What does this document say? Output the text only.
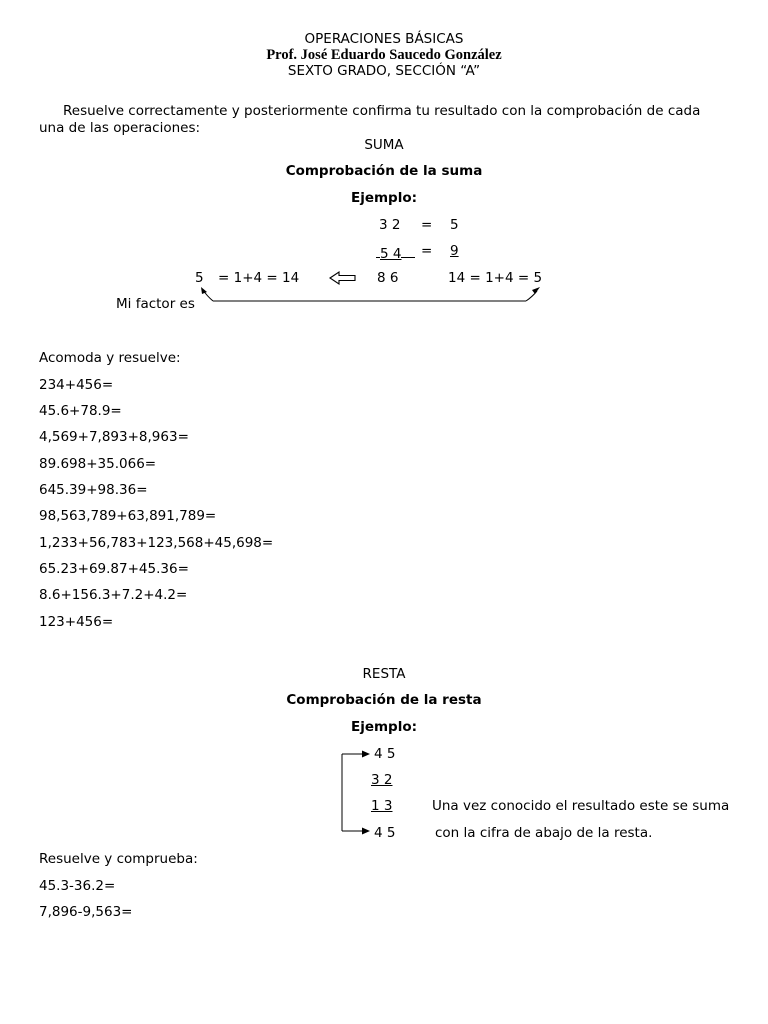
OPERACIONES BÁSICAS
Prof. José Eduardo Saucedo González
SEXTO GRADO, SECCIÓN “A”
Resuelve correctamente y posteriormente confirma tu resultado con la comprobación de cada
una de las operaciones:
SUMA
Comprobación de la suma
Ejemplo:
3 2 = 5
5 4	= 9
5 = 1+4 = 14	8 6	14 = 1+4 = 5
Mi factor es
Acomoda y resuelve:
234+456=
45.6+78.9=
4,569+7,893+8,963=
89.698+35.066=
645.39+98.36=
98,563,789+63,891,789=
1,233+56,783+123,568+45,698=
65.23+69.87+45.36=
8.6+156.3+7.2+4.2=
123+456=
RESTA
Comprobación de la resta
Ejemplo:
4 5
3 2
1 3
4 5
Una vez conocido el resultado este se suma
con la cifra de abajo de la resta.
Resuelve y comprueba:
45.3-36.2=
7,896-9,563=
